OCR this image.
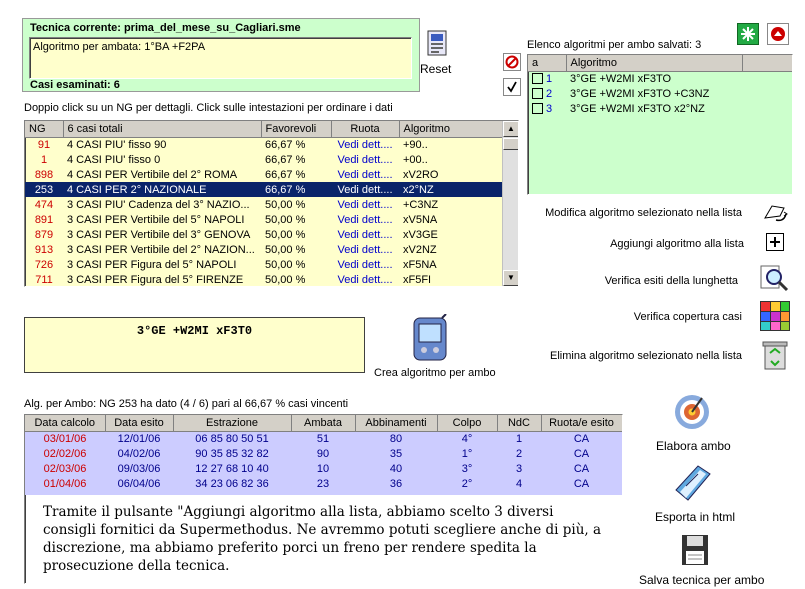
Tecnica corrente: prima_del_mese_su_Cagliari.sme
Algoritmo per ambata: 1°BA +F2PA
Casi esaminati: 6
Reset
Elenco algoritmi per ambo salvati: 3
a	Algoritmo	
1	3°GE +W2MI xF3TO	
2	3°GE +W2MI xF3TO +C3NZ	
3	3°GE +W2MI xF3TO x2°NZ	
Doppio click su un NG per dettagli. Click sulle intestazioni per ordinare i dati
NG	6 casi totali	Favorevoli	Ruota	Algoritmo
91	4 CASI PIU' fisso 90	66,67 %	Vedi dett....	+90..
1	4 CASI PIU' fisso 0	66,67 %	Vedi dett....	+00..
898	4 CASI PER Vertibile del 2° ROMA	66,67 %	Vedi dett....	xV2RO
253	4 CASI PER 2° NAZIONALE	66,67 %	Vedi dett....	x2°NZ
474	3 CASI PIU' Cadenza del 3° NAZIO...	50,00 %	Vedi dett....	+C3NZ
891	3 CASI PER Vertibile del 5° NAPOLI	50,00 %	Vedi dett....	xV5NA
879	3 CASI PER Vertibile del 3° GENOVA	50,00 %	Vedi dett....	xV3GE
913	3 CASI PER Vertibile del 2° NAZION...	50,00 %	Vedi dett....	xV2NZ
726	3 CASI PER Figura del 5° NAPOLI	50,00 %	Vedi dett....	xF5NA
711	3 CASI PER Figura del 5° FIRENZE	50,00 %	Vedi dett....	xF5FI
▲
▼
Modifica algoritmo selezionato nella lista
Aggiungi algoritmo alla lista
Verifica esiti della lunghetta
Verifica copertura casi
Elimina algoritmo selezionato nella lista
3°GE +W2MI xF3T0
Crea algoritmo per ambo
Alg. per Ambo: NG 253 ha dato (4 / 6) pari al 66,67 % casi vincenti
Data calcolo	Data esito	Estrazione	Ambata	Abbinamenti	Colpo	NdC	Ruota/e esito
03/01/06	12/01/06	06 85 80 50 51	51	80	4°	1	CA
02/02/06	04/02/06	90 35 85 32 82	90	35	1°	2	CA
02/03/06	09/03/06	12 27 68 10 40	10	40	3°	3	CA
01/04/06	06/04/06	34 23 06 82 36	23	36	2°	4	CA
Tramite il pulsante "Aggiungi algoritmo alla lista, abbiamo scelto 3 diversi consigli fornitici da Supermethodus. Ne avremmo potuti scegliere anche di più, a discrezione, ma abbiamo preferito porci un freno per rendere spedita la prosecuzione della tecnica.
Elabora ambo
Esporta in html
Salva tecnica per ambo
